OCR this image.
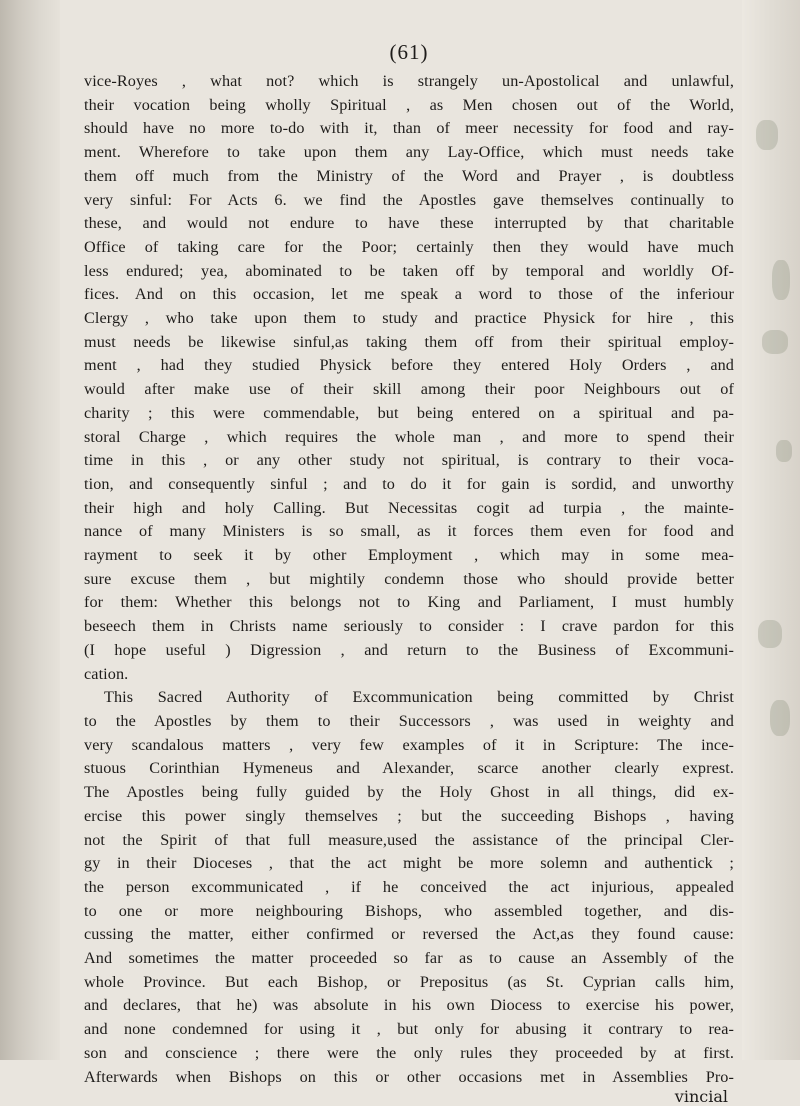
(61)
vice-Royes , what not? which is strangely un-Apostolical and unlawful,
their vocation being wholly Spiritual , as Men chosen out of the World,
should have no more to-do with it, than of meer necessity for food and ray-
ment. Wherefore to take upon them any Lay-Office, which must needs take
them off much from the Ministry of the Word and Prayer , is doubtless
very sinful: For Acts 6. we find the Apostles gave themselves continually to
these, and would not endure to have these interrupted by that charitable
Office of taking care for the Poor; certainly then they would have much
less endured; yea, abominated to be taken off by temporal and worldly Of-
fices. And on this occasion, let me speak a word to those of the inferiour
Clergy , who take upon them to study and practice Physick for hire , this
must needs be likewise sinful,as taking them off from their spiritual employ-
ment , had they studied Physick before they entered Holy Orders , and
would after make use of their skill among their poor Neighbours out of
charity ; this were commendable, but being entered on a spiritual and pa-
storal Charge , which requires the whole man , and more to spend their
time in this , or any other study not spiritual, is contrary to their voca-
tion, and consequently sinful ; and to do it for gain is sordid, and unworthy
their high and holy Calling. But Necessitas cogit ad turpia , the mainte-
nance of many Ministers is so small, as it forces them even for food and
rayment to seek it by other Employment , which may in some mea-
sure excuse them , but mightily condemn those who should provide better
for them: Whether this belongs not to King and Parliament, I must humbly
beseech them in Christs name seriously to consider : I crave pardon for this
(I hope useful ) Digression , and return to the Business of Excommuni-
cation.
This Sacred Authority of Excommunication being committed by Christ
to the Apostles by them to their Successors , was used in weighty and
very scandalous matters , very few examples of it in Scripture: The ince-
stuous Corinthian Hymeneus and Alexander, scarce another clearly exprest.
The Apostles being fully guided by the Holy Ghost in all things, did ex-
ercise this power singly themselves ; but the succeeding Bishops , having
not the Spirit of that full measure,used the assistance of the principal Cler-
gy in their Dioceses , that the act might be more solemn and authentick ;
the person excommunicated , if he conceived the act injurious, appealed
to one or more neighbouring Bishops, who assembled together, and dis-
cussing the matter, either confirmed or reversed the Act,as they found cause:
And sometimes the matter proceeded so far as to cause an Assembly of the
whole Province. But each Bishop, or Prepositus (as St. Cyprian calls him,
and declares, that he) was absolute in his own Diocess to exercise his power,
and none condemned for using it , but only for abusing it contrary to rea-
son and conscience ; there were the only rules they proceeded by at first.
Afterwards when Bishops on this or other occasions met in Assemblies Pro-
vincial
